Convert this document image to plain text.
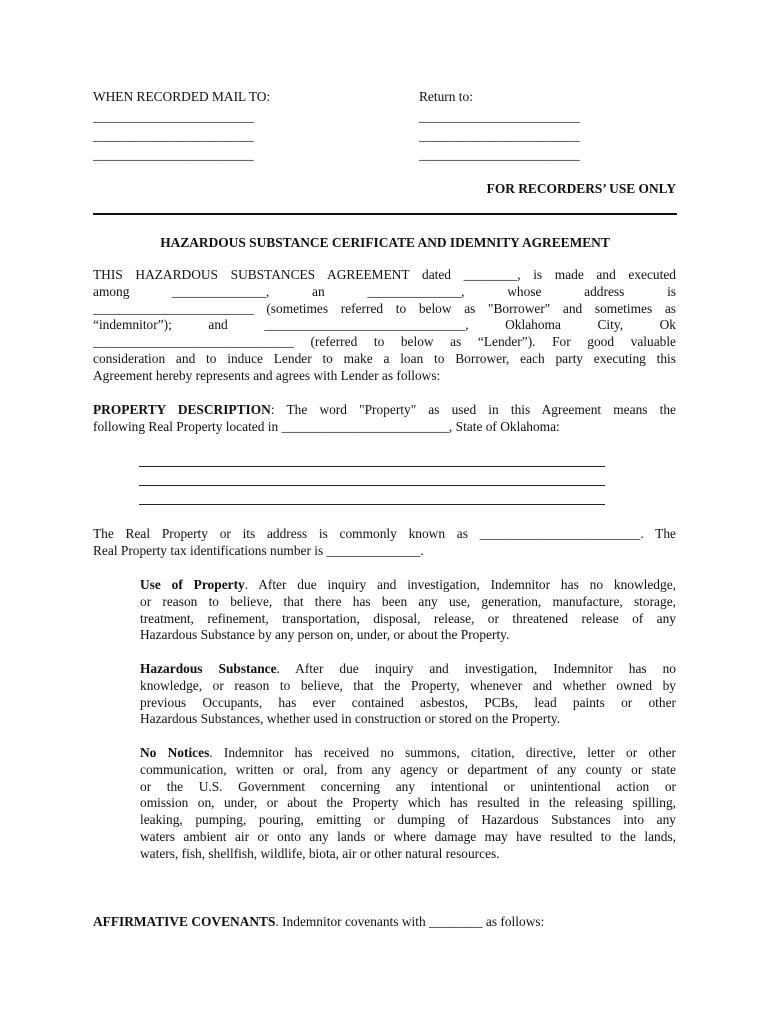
WHEN RECORDED MAIL TO:	Return to:
________________________
________________________
________________________
________________________
________________________
________________________
FOR RECORDERS’ USE ONLY
HAZARDOUS SUBSTANCE CERIFICATE AND IDEMNITY AGREEMENT
THIS HAZARDOUS SUBSTANCES AGREEMENT dated ________, is made and executed
among ______________, an ______________, whose address is
________________________ (sometimes referred to below as "Borrower" and sometimes as
“indemnitor”); and ______________________________, Oklahoma City, Ok
______________________________ (referred to below as “Lender”). For good valuable
consideration and to induce Lender to make a loan to Borrower, each party executing this
Agreement hereby represents and agrees with Lender as follows:
PROPERTY DESCRIPTION: The word "Property" as used in this Agreement means the
following Real Property located in _________________________, State of Oklahoma:
The Real Property or its address is commonly known as ________________________. The
Real Property tax identifications number is ______________.
Use of Property. After due inquiry and investigation, Indemnitor has no knowledge,
or reason to believe, that there has been any use, generation, manufacture, storage,
treatment, refinement, transportation, disposal, release, or threatened release of any
Hazardous Substance by any person on, under, or about the Property.
Hazardous Substance. After due inquiry and investigation, Indemnitor has no
knowledge, or reason to believe, that the Property, whenever and whether owned by
previous Occupants, has ever contained asbestos, PCBs, lead paints or other
Hazardous Substances, whether used in construction or stored on the Property.
No Notices. Indemnitor has received no summons, citation, directive, letter or other
communication, written or oral, from any agency or department of any county or state
or the U.S. Government concerning any intentional or unintentional action or
omission on, under, or about the Property which has resulted in the releasing spilling,
leaking, pumping, pouring, emitting or dumping of Hazardous Substances into any
waters ambient air or onto any lands or where damage may have resulted to the lands,
waters, fish, shellfish, wildlife, biota, air or other natural resources.
AFFIRMATIVE COVENANTS. Indemnitor covenants with ________ as follows:
